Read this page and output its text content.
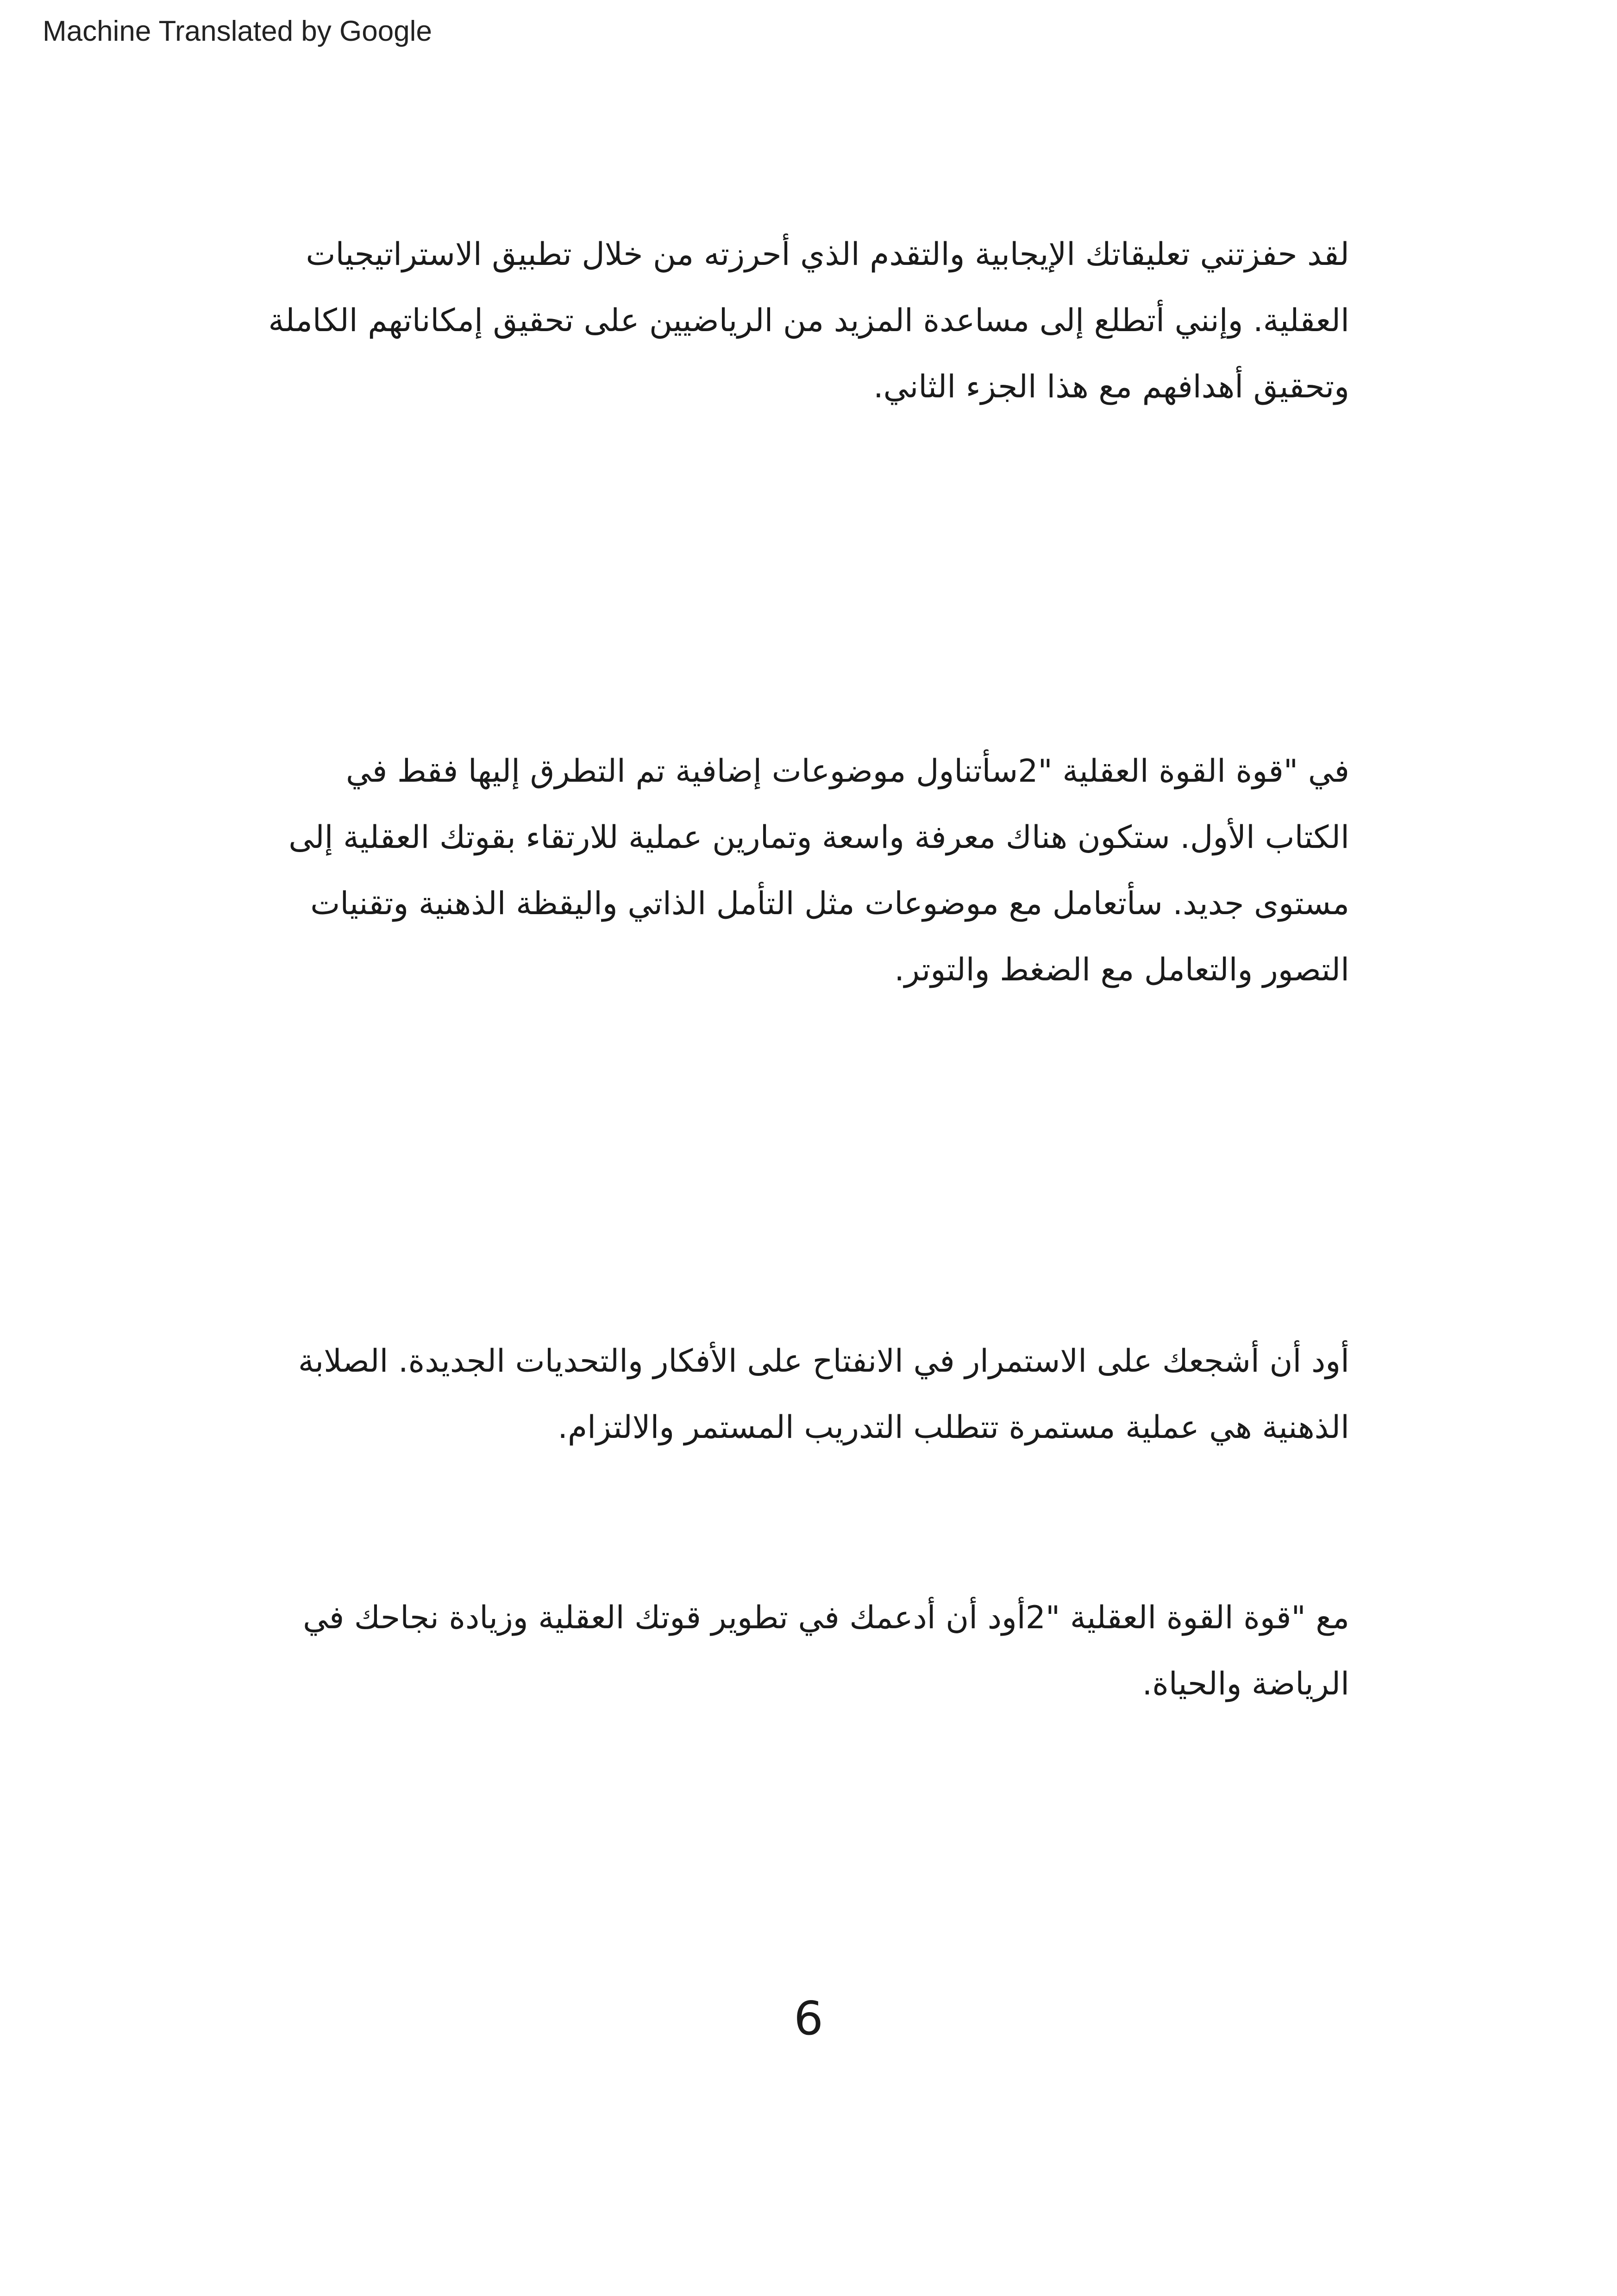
Machine Translated by Google

لقد حفزتني تعليقاتك الإيجابية والتقدم الذي أحرزته من خلال تطبيق الاستراتيجيات
العقلية. وإنني أتطلع إلى مساعدة المزيد من الرياضيين على تحقيق إمكاناتهم الكاملة
وتحقيق أهدافهم مع هذا الجزء الثاني.

في "قوة القوة العقلية "2سأتناول موضوعات إضافية تم التطرق إليها فقط في
الكتاب الأول. ستكون هناك معرفة واسعة وتمارين عملية للارتقاء بقوتك العقلية إلى
مستوى جديد. سأتعامل مع موضوعات مثل التأمل الذاتي واليقظة الذهنية وتقنيات
التصور والتعامل مع الضغط والتوتر.

أود أن أشجعك على الاستمرار في الانفتاح على الأفكار والتحديات الجديدة. الصلابة
الذهنية هي عملية مستمرة تتطلب التدريب المستمر والالتزام.

مع "قوة القوة العقلية "2أود أن أدعمك في تطوير قوتك العقلية وزيادة نجاحك في
الرياضة والحياة.

6
